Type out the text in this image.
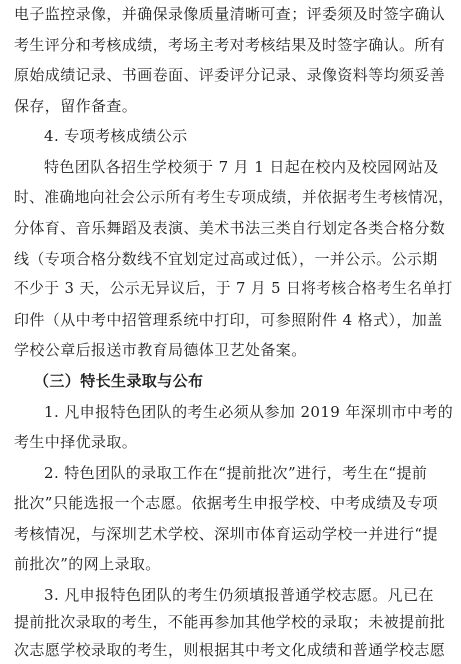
电子监控录像，并确保录像质量清晰可查；评委须及时签字确认
考生评分和考核成绩，考场主考对考核结果及时签字确认。所有
原始成绩记录、书画卷面、评委评分记录、录像资料等均须妥善
保存，留作备查。
4. 专项考核成绩公示
特色团队各招生学校须于 7 月 1 日起在校内及校园网站及
时、准确地向社会公示所有考生专项成绩，并依据考生考核情况，
分体育、音乐舞蹈及表演、美术书法三类自行划定各类合格分数
线（专项合格分数线不宜划定过高或过低），一并公示。公示期
不少于 3 天，公示无异议后，于 7 月 5 日将考核合格考生名单打
印件（从中考中招管理系统中打印，可参照附件 4 格式），加盖
学校公章后报送市教育局德体卫艺处备案。
（三）特长生录取与公布
1. 凡申报特色团队的考生必须从参加 2019 年深圳市中考的
考生中择优录取。
2. 特色团队的录取工作在“提前批次”进行，考生在“提前
批次”只能选报一个志愿。依据考生申报学校、中考成绩及专项
考核情况，与深圳艺术学校、深圳市体育运动学校一并进行“提
前批次”的网上录取。
3. 凡申报特色团队的考生仍须填报普通学校志愿。凡已在
提前批次录取的考生，不能再参加其他学校的录取；未被提前批
次志愿学校录取的考生，则根据其中考文化成绩和普通学校志愿
